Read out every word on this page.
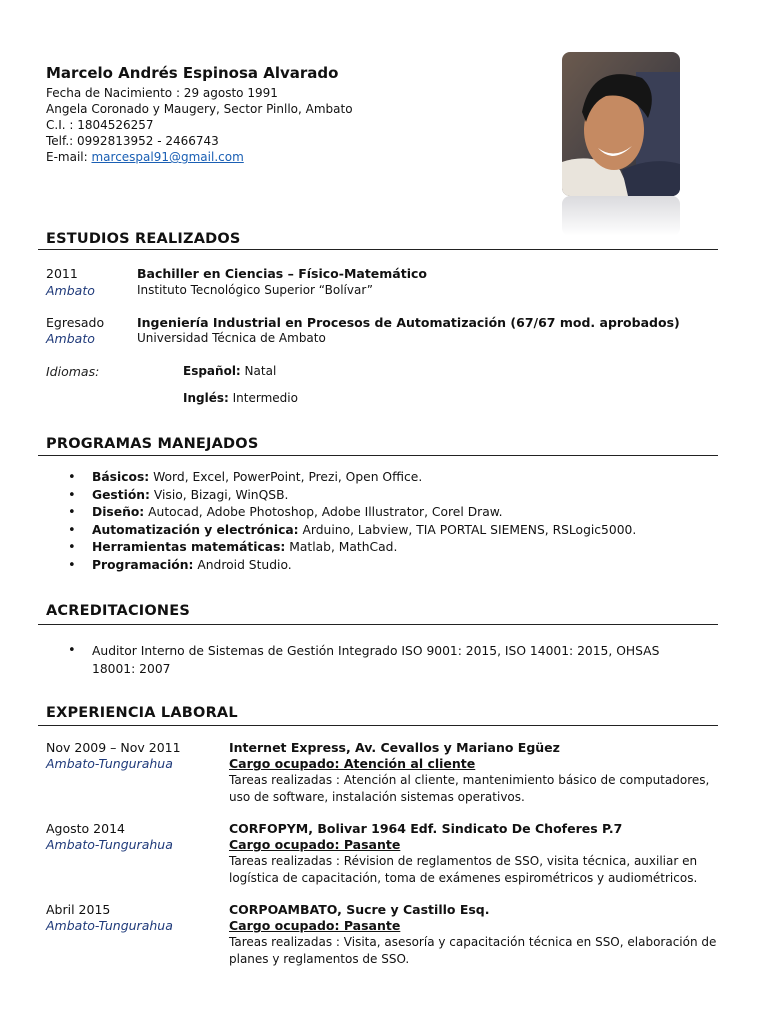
Marcelo Andrés Espinosa Alvarado
Fecha de Nacimiento : 29 agosto 1991
Angela Coronado y Maugery, Sector Pinllo, Ambato
C.I. : 1804526257
Telf.: 0992813952 - 2466743
E-mail: marcespal91@gmail.com
ESTUDIOS REALIZADOS
2011
Ambato
Bachiller en Ciencias – Físico-Matemático
Instituto Tecnológico Superior “Bolívar”
Egresado
Ambato
Ingeniería Industrial en Procesos de Automatización (67/67 mod. aprobados)
Universidad Técnica de Ambato
Idiomas:	Español: Natal
Inglés: Intermedio
PROGRAMAS MANEJADOS
• Básicos: Word, Excel, PowerPoint, Prezi, Open Office.
• Gestión: Visio, Bizagi, WinQSB.
• Diseño: Autocad, Adobe Photoshop, Adobe Illustrator, Corel Draw.
• Automatización y electrónica: Arduino, Labview, TIA PORTAL SIEMENS, RSLogic5000.
• Herramientas matemáticas: Matlab, MathCad.
• Programación: Android Studio.
ACREDITACIONES
• Auditor Interno de Sistemas de Gestión Integrado ISO 9001: 2015, ISO 14001: 2015, OHSAS 18001: 2007
EXPERIENCIA LABORAL
Nov 2009 – Nov 2011
Ambato-Tungurahua
Internet Express, Av. Cevallos y Mariano Egüez
Cargo ocupado: Atención al cliente
Tareas realizadas : Atención al cliente, mantenimiento básico de computadores, uso de software, instalación sistemas operativos.
Agosto 2014
Ambato-Tungurahua
CORFOPYM, Bolivar 1964 Edf. Sindicato De Choferes P.7
Cargo ocupado: Pasante
Tareas realizadas : Révision de reglamentos de SSO, visita técnica, auxiliar en logística de capacitación, toma de exámenes espirométricos y audiométricos.
Abril 2015
Ambato-Tungurahua
CORPOAMBATO, Sucre y Castillo Esq.
Cargo ocupado: Pasante
Tareas realizadas : Visita, asesoría y capacitación técnica en SSO, elaboración de planes y reglamentos de SSO.
